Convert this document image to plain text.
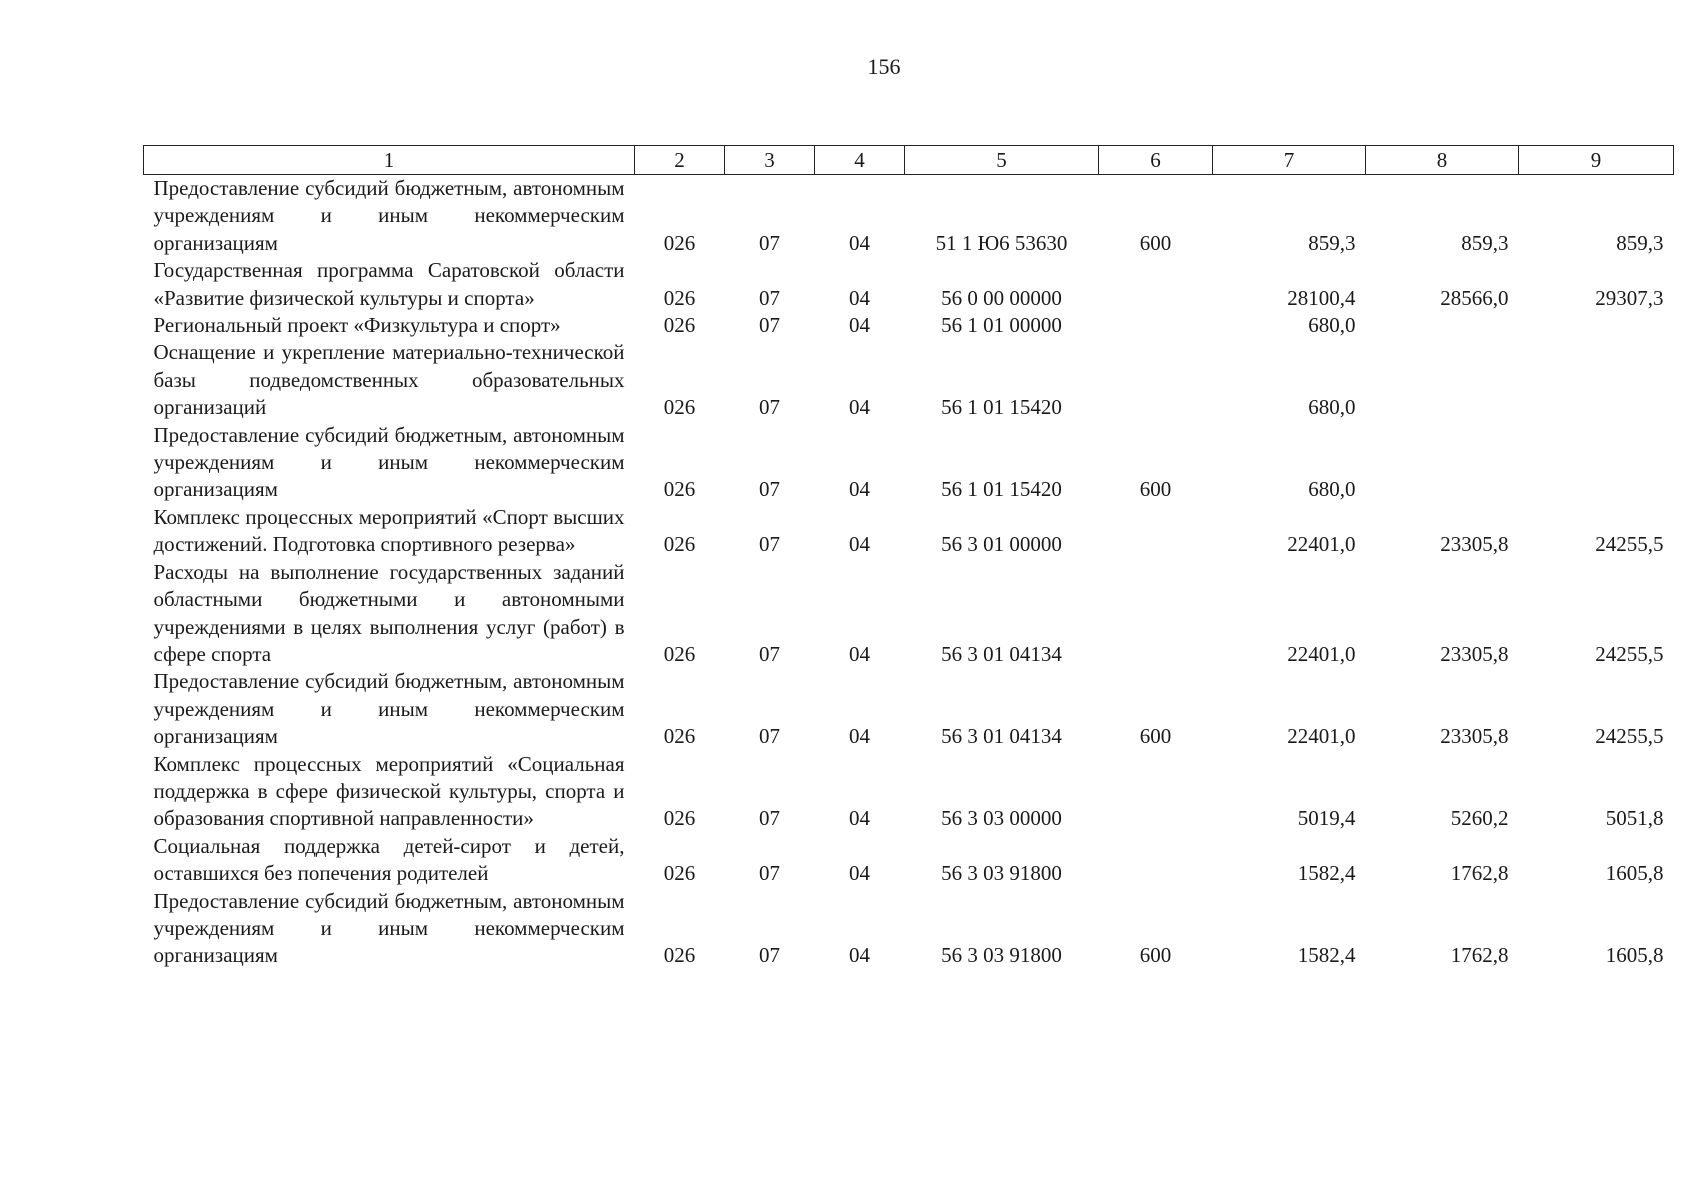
156
1	2	3	4	5	6	7	8	9
Предоставление субсидий бюджетным, автономным учреждениям и иным некоммерческим организациям	026	07	04	51 1 Ю6 53630	600	859,3	859,3	859,3
Государственная программа Саратовской области «Развитие физической культуры и спорта»	026	07	04	56 0 00 00000		28100,4	28566,0	29307,3
Региональный проект «Физкультура и спорт»	026	07	04	56 1 01 00000		680,0		
Оснащение и укрепление материально-технической базы подведомственных образовательных организаций	026	07	04	56 1 01 15420		680,0		
Предоставление субсидий бюджетным, автономным учреждениям и иным некоммерческим организациям	026	07	04	56 1 01 15420	600	680,0		
Комплекс процессных мероприятий «Спорт высших достижений. Подготовка спортивного резерва»	026	07	04	56 3 01 00000		22401,0	23305,8	24255,5
Расходы на выполнение государственных заданий областными бюджетными и автономными учреждениями в целях выполнения услуг (работ) в сфере спорта	026	07	04	56 3 01 04134		22401,0	23305,8	24255,5
Предоставление субсидий бюджетным, автономным учреждениям и иным некоммерческим организациям	026	07	04	56 3 01 04134	600	22401,0	23305,8	24255,5
Комплекс процессных мероприятий «Социальная поддержка в сфере физической культуры, спорта и образования спортивной направленности»	026	07	04	56 3 03 00000		5019,4	5260,2	5051,8
Социальная поддержка детей-сирот и детей, оставшихся без попечения родителей	026	07	04	56 3 03 91800		1582,4	1762,8	1605,8
Предоставление субсидий бюджетным, автономным учреждениям и иным некоммерческим организациям	026	07	04	56 3 03 91800	600	1582,4	1762,8	1605,8
